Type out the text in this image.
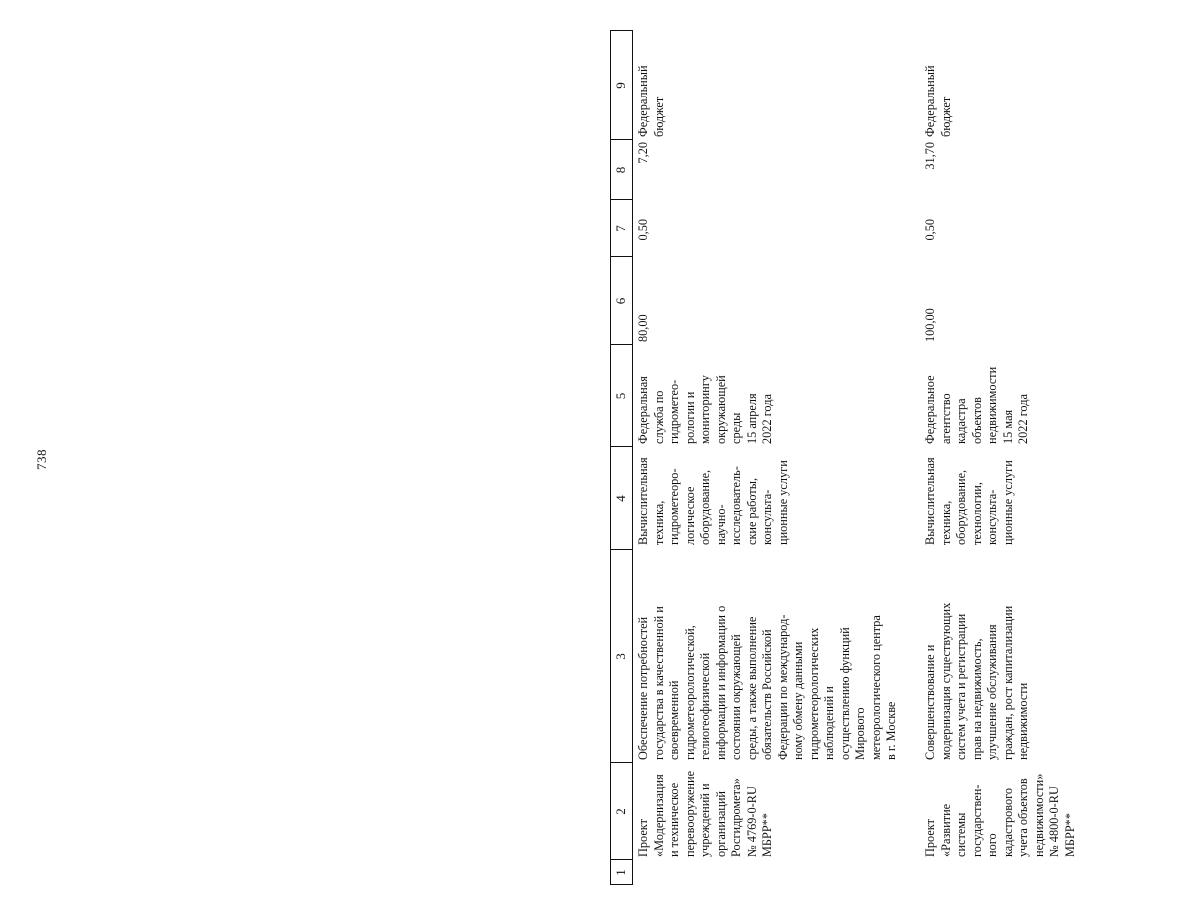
738
1
2
3
4
5
6
7
8
9
Проект
«Модернизация
и техническое
перевооружение
учреждений и
организаций
Росгидромета»
№ 4769-0-RU
МБРР**
Обеспечение потребностей
государства в качественной и
своевременной
гидрометеорологической,
гелиогеофизической
информации и информации о
состоянии окружающей
среды, а также выполнение
обязательств Российской
Федерации по международ-
ному обмену данными
гидрометеорологических
наблюдений и
осуществлению функций
Мирового
метеорологического центра
в г. Москве
Вычислительная
техника,
гидрометеоро-
логическое
оборудование,
научно-
исследователь-
ские работы,
консульта-
ционные услуги
Федеральная
служба по
гидрометео-
рологии и
мониторингу
окружающей
среды
15 апреля
2022 года
80,00
0,50
7,20
Федеральный
бюджет
Проект
«Развитие
системы
государствен-
ного
кадастрового
учета объектов
недвижимости»
№ 4800-0-RU
МБРР**
Совершенствование и
модернизация существующих
систем учета и регистрации
прав на недвижимость,
улучшение обслуживания
граждан, рост капитализации
недвижимости
Вычислительная
техника,
оборудование,
технологии,
консульта-
ционные услуги
Федеральное
агентство
кадастра
объектов
недвижимости
15 мая
2022 года
100,00
0,50
31,70
Федеральный
бюджет
